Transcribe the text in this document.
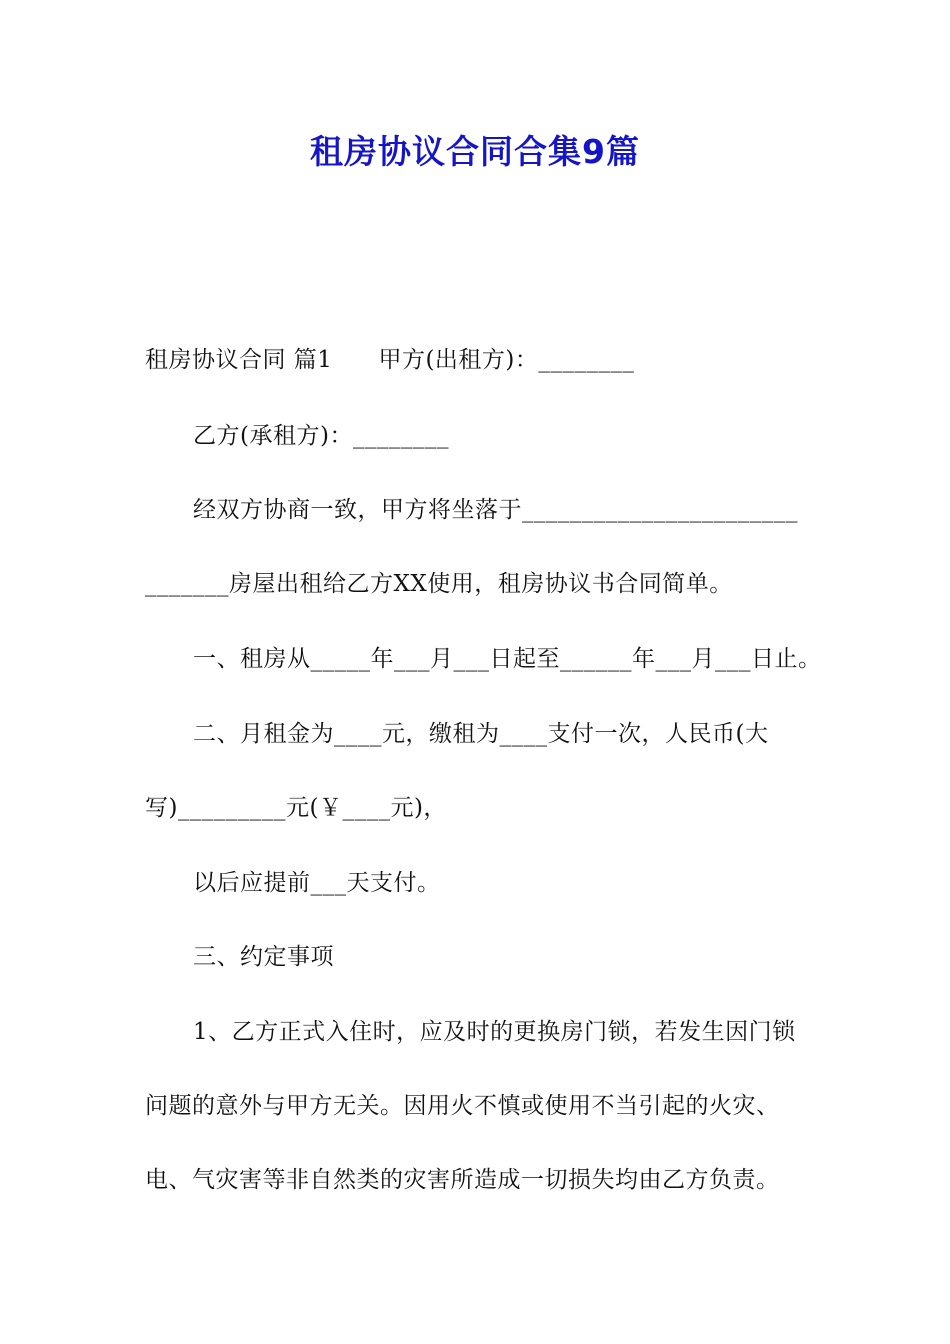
租房协议合同合集9篇
租房协议合同 篇1 甲方(出租方)：________
乙方(承租方)：________
经双方协商一致，甲方将坐落于_______________________
_______房屋出租给乙方XX使用，租房协议书合同简单。
一、租房从_____年___月___日起至______年___月___日止。
二、月租金为____元，缴租为____支付一次，人民币(大
写)_________元(￥____元)，
以后应提前___天支付。
三、约定事项
1、乙方正式入住时，应及时的更换房门锁，若发生因门锁
问题的意外与甲方无关。因用火不慎或使用不当引起的火灾、
电、气灾害等非自然类的灾害所造成一切损失均由乙方负责。
